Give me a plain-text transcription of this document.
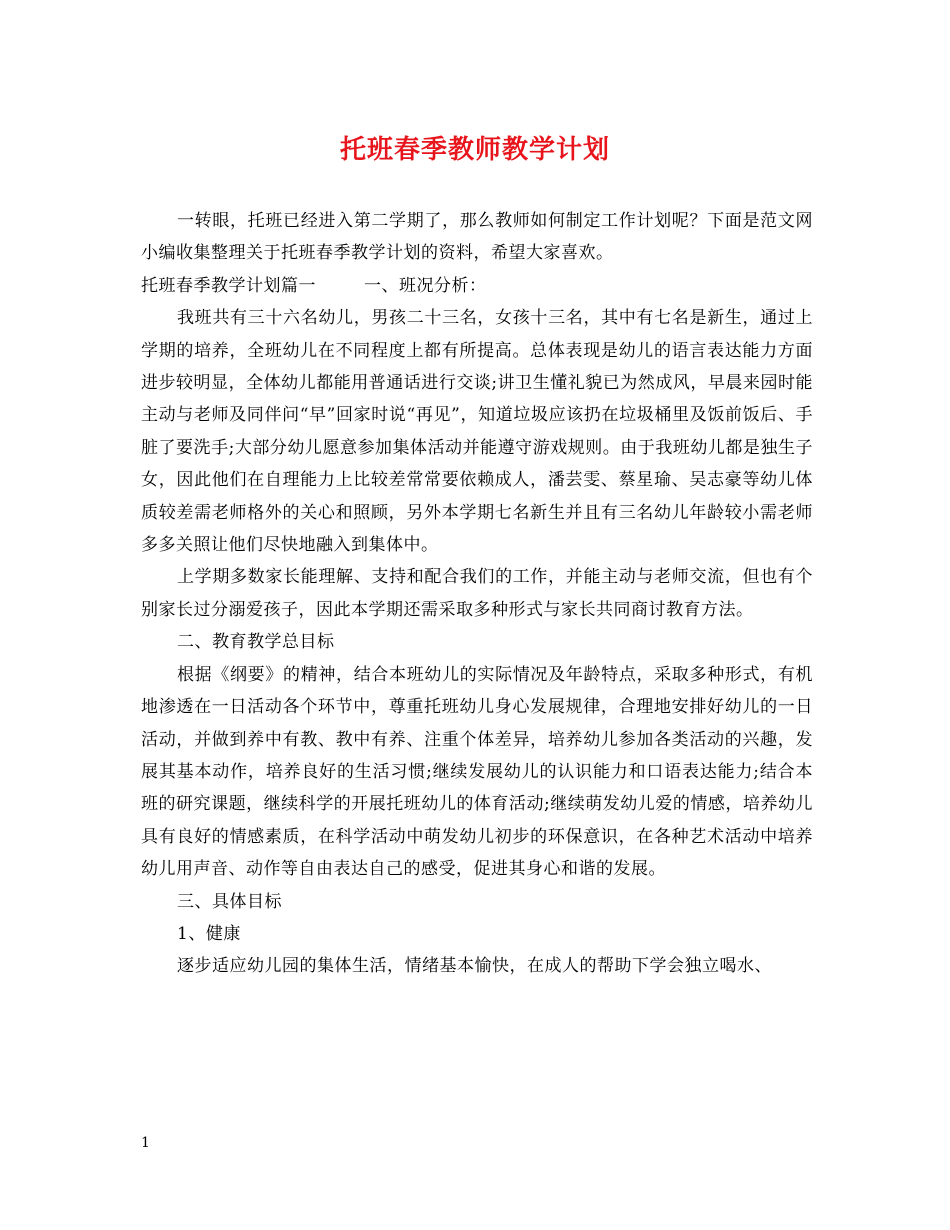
托班春季教师教学计划

一转眼，托班已经进入第二学期了，那么教师如何制定工作计划呢？下面是范文网小编收集整理关于托班春季教学计划的资料，希望大家喜欢。

托班春季教学计划篇一	一、班况分析：

我班共有三十六名幼儿，男孩二十三名，女孩十三名，其中有七名是新生，通过上学期的培养，全班幼儿在不同程度上都有所提高。总体表现是幼儿的语言表达能力方面进步较明显，全体幼儿都能用普通话进行交谈;讲卫生懂礼貌已为然成风，早晨来园时能主动与老师及同伴问“早”回家时说“再见”，知道垃圾应该扔在垃圾桶里及饭前饭后、手脏了要洗手;大部分幼儿愿意参加集体活动并能遵守游戏规则。由于我班幼儿都是独生子女，因此他们在自理能力上比较差常常要依赖成人，潘芸雯、蔡星瑜、吴志豪等幼儿体质较差需老师格外的关心和照顾，另外本学期七名新生并且有三名幼儿年龄较小需老师多多关照让他们尽快地融入到集体中。

上学期多数家长能理解、支持和配合我们的工作，并能主动与老师交流，但也有个别家长过分溺爱孩子，因此本学期还需采取多种形式与家长共同商讨教育方法。

二、教育教学总目标

根据《纲要》的精神，结合本班幼儿的实际情况及年龄特点，采取多种形式，有机地渗透在一日活动各个环节中，尊重托班幼儿身心发展规律，合理地安排好幼儿的一日活动，并做到养中有教、教中有养、注重个体差异，培养幼儿参加各类活动的兴趣，发展其基本动作，培养良好的生活习惯;继续发展幼儿的认识能力和口语表达能力;结合本班的研究课题，继续科学的开展托班幼儿的体育活动;继续萌发幼儿爱的情感，培养幼儿具有良好的情感素质，在科学活动中萌发幼儿初步的环保意识，在各种艺术活动中培养幼儿用声音、动作等自由表达自己的感受，促进其身心和谐的发展。

三、具体目标

1、健康

逐步适应幼儿园的集体生活，情绪基本愉快，在成人的帮助下学会独立喝水、

1
